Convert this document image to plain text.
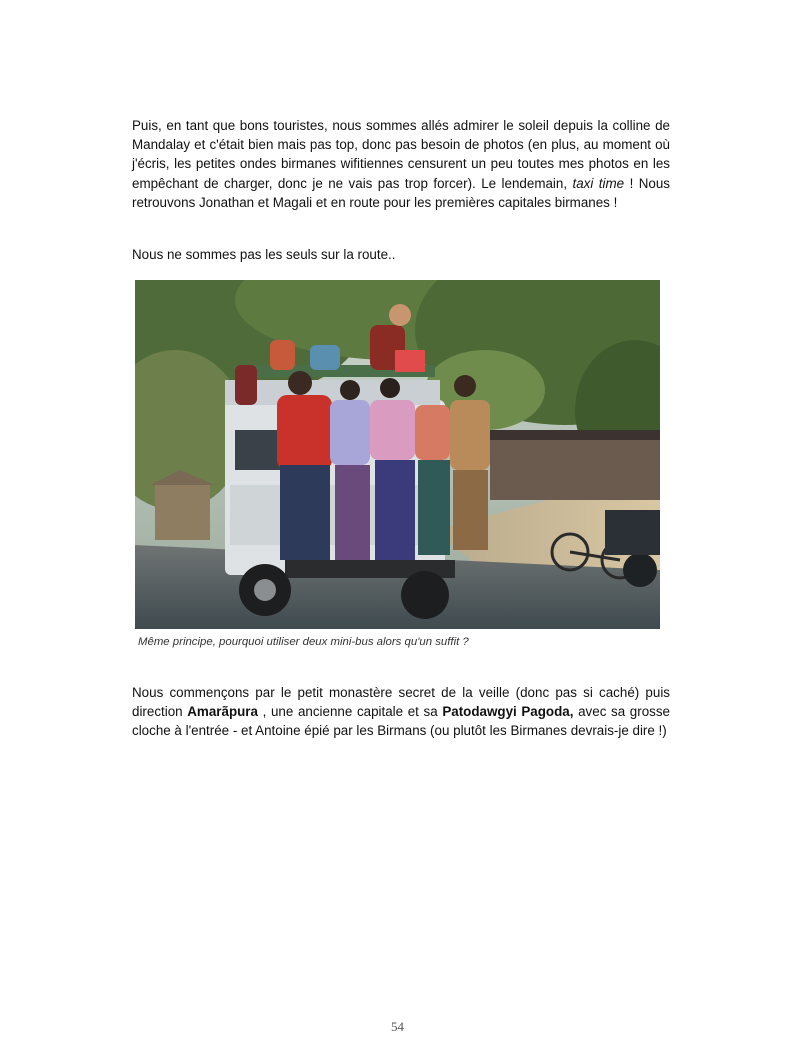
Puis, en tant que bons touristes, nous sommes allés admirer le soleil depuis la colline de Mandalay et c'était bien mais pas top, donc pas besoin de photos (en plus, au moment où j'écris, les petites ondes birmanes wifitiennes censurent un peu toutes mes photos en les empêchant de charger, donc je ne vais pas trop forcer). Le lendemain, taxi time ! Nous retrouvons Jonathan et Magali et en route pour les premières capitales birmanes !

Nous ne sommes pas les seuls sur la route..

Même principe, pourquoi utiliser deux mini-bus alors qu'un suffit ?

Nous commençons par le petit monastère secret de la veille (donc pas si caché) puis direction Amarãpura , une ancienne capitale et sa Patodawgyi Pagoda, avec sa grosse cloche à l'entrée - et Antoine épié par les Birmans (ou plutôt les Birmanes devrais-je dire !)

54
